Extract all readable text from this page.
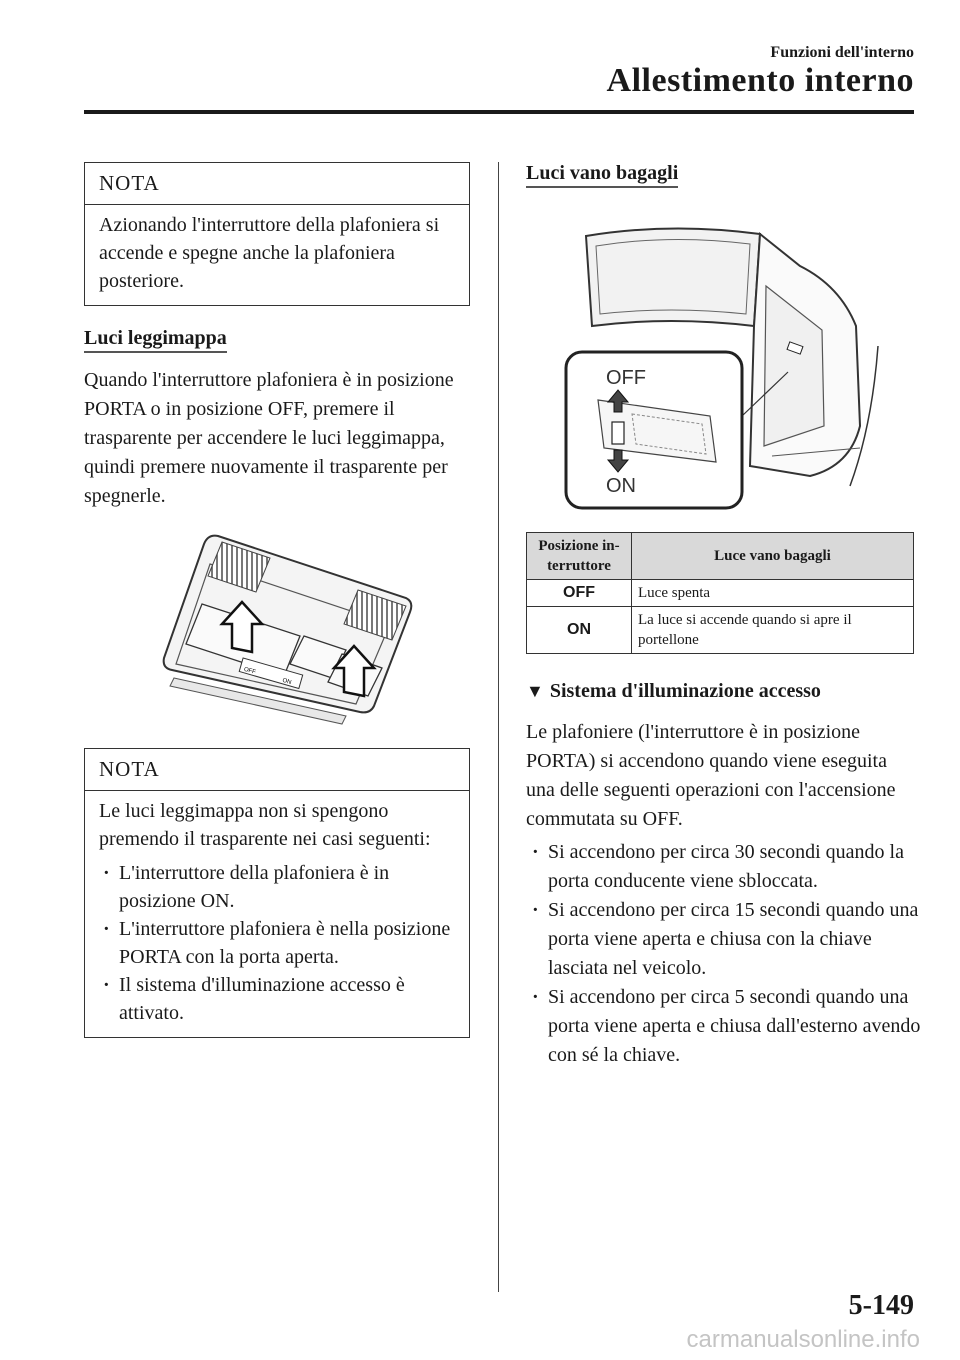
Funzioni dell'interno
Allestimento interno
NOTA

Azionando l'interruttore della plafoniera si accende e spegne anche la plafoniera posteriore.

Luci leggimappa

Quando l'interruttore plafoniera è in posizione PORTA o in posizione OFF, premere il trasparente per accendere le luci leggimappa, quindi premere nuovamente il trasparente per spegnerle.

OFF
ON
NOTA

Le luci leggimappa non si spengono premendo il trasparente nei casi seguenti:

· L'interruttore della plafoniera è in posizione ON.
· L'interruttore plafoniera è nella posizione PORTA con la porta aperta.
· Il sistema d'illuminazione accesso è attivato.
Luci vano bagagli
OFF
ON
Posizione in-terruttore	Luce vano bagagli
OFF	Luce spenta
ON	La luce si accende quando si apre il portellone
▼ Sistema d'illuminazione accesso

Le plafoniere (l'interruttore è in posizione PORTA) si accendono quando viene eseguita una delle seguenti operazioni con l'accensione commutata su OFF.

· Si accendono per circa 30 secondi quando la porta conducente viene sbloccata.
· Si accendono per circa 15 secondi quando una porta viene aperta e chiusa con la chiave lasciata nel veicolo.
· Si accendono per circa 5 secondi quando una porta viene aperta e chiusa dall'esterno avendo con sé la chiave.
5-149
carmanualsonline.info
